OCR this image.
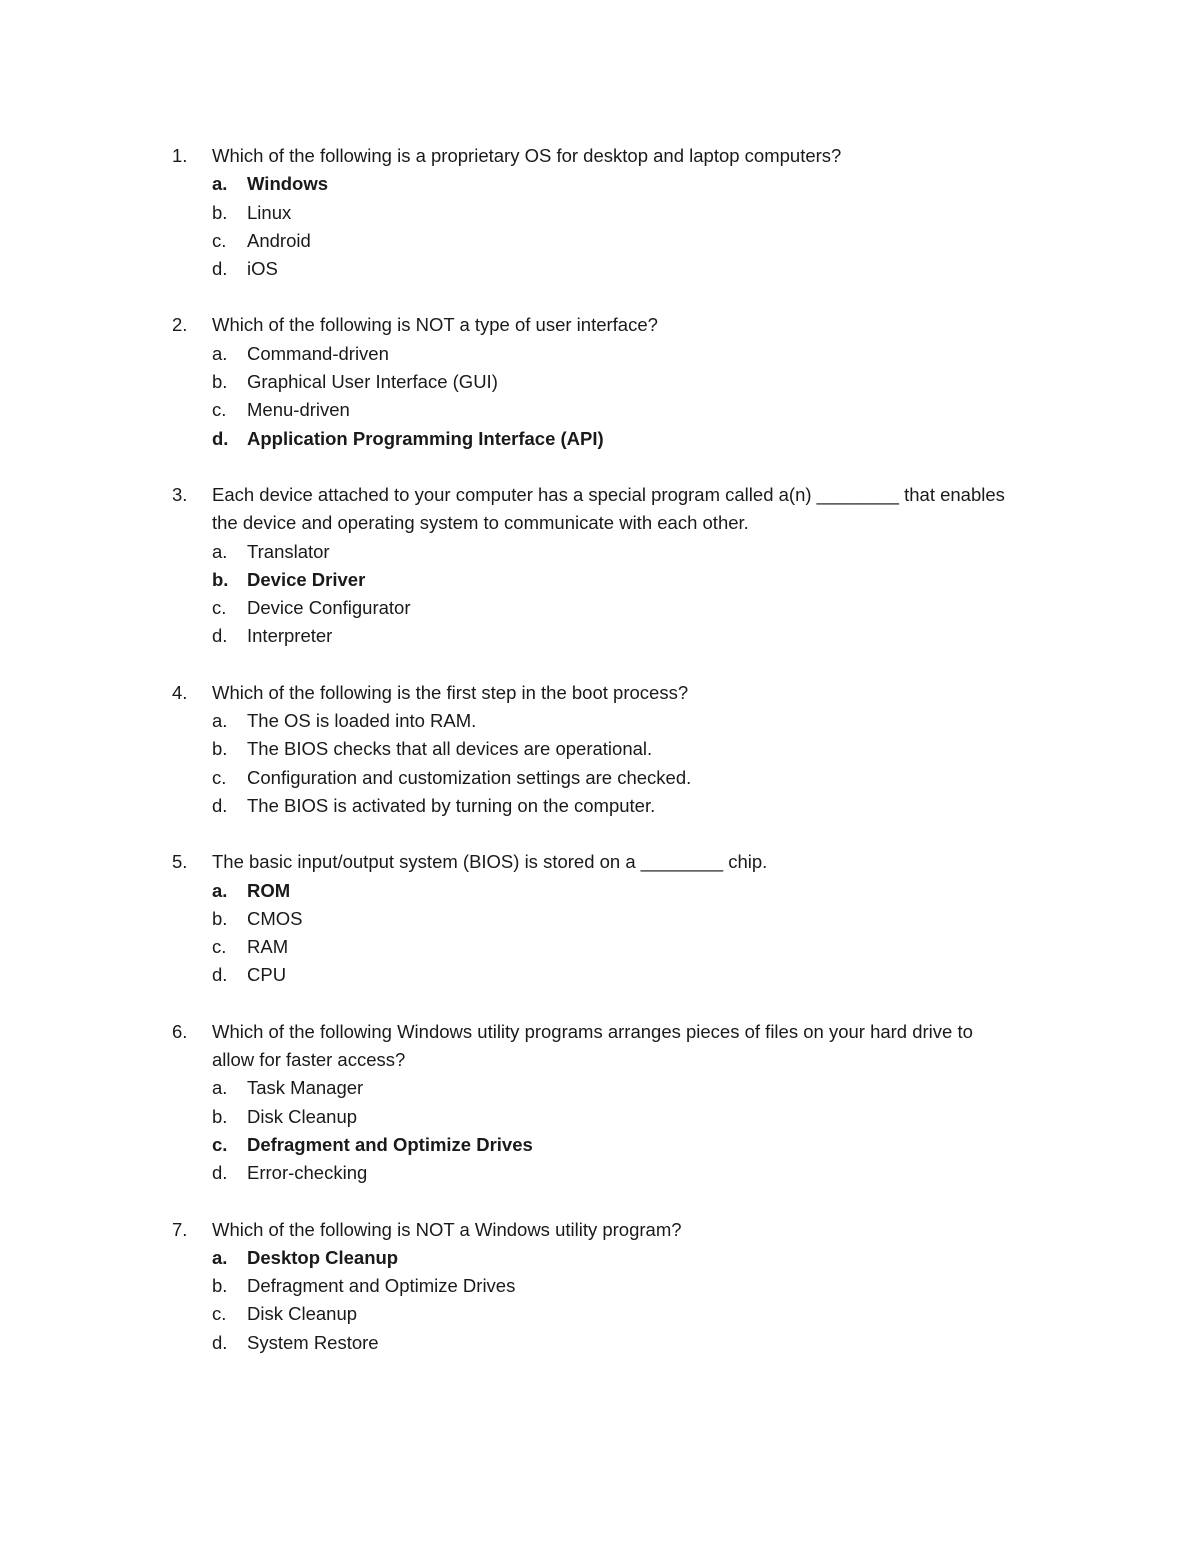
1. Which of the following is a proprietary OS for desktop and laptop computers?
a. Windows
b. Linux
c. Android
d. iOS
2. Which of the following is NOT a type of user interface?
a. Command-driven
b. Graphical User Interface (GUI)
c. Menu-driven
d. Application Programming Interface (API)
3. Each device attached to your computer has a special program called a(n) ________ that enables
the device and operating system to communicate with each other.
a. Translator
b. Device Driver
c. Device Configurator
d. Interpreter
4. Which of the following is the first step in the boot process?
a. The OS is loaded into RAM.
b. The BIOS checks that all devices are operational.
c. Configuration and customization settings are checked.
d. The BIOS is activated by turning on the computer.
5. The basic input/output system (BIOS) is stored on a ________ chip.
a. ROM
b. CMOS
c. RAM
d. CPU
6. Which of the following Windows utility programs arranges pieces of files on your hard drive to
allow for faster access?
a. Task Manager
b. Disk Cleanup
c. Defragment and Optimize Drives
d. Error-checking
7. Which of the following is NOT a Windows utility program?
a. Desktop Cleanup
b. Defragment and Optimize Drives
c. Disk Cleanup
d. System Restore
